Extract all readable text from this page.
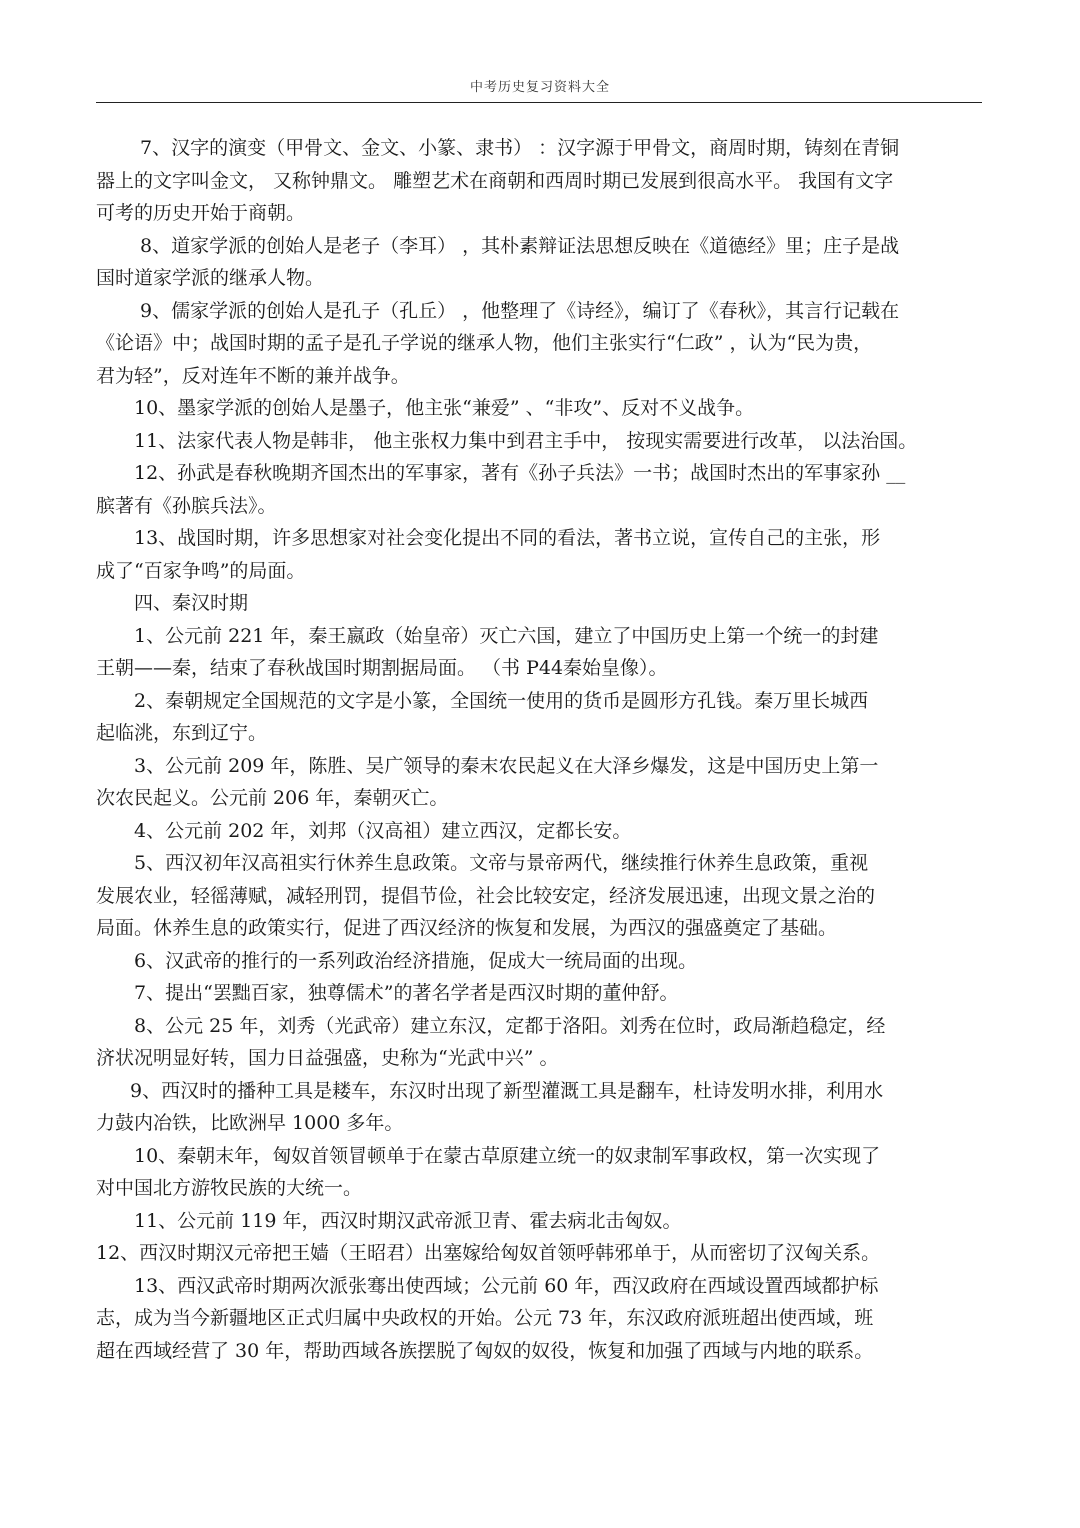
中考历史复习资料大全
7、汉字的演变（甲骨文、金文、小篆、隶书） ：汉字源于甲骨文，商周时期，铸刻在青铜
器上的文字叫金文， 又称钟鼎文。 雕塑艺术在商朝和西周时期已发展到很高水平。 我国有文字
可考的历史开始于商朝。
8、道家学派的创始人是老子（李耳） ，其朴素辩证法思想反映在《道德经》里；庄子是战
国时道家学派的继承人物。
9、儒家学派的创始人是孔子（孔丘） ，他整理了《诗经》，编订了《春秋》，其言行记载在
《论语》中；战国时期的孟子是孔子学说的继承人物，他们主张实行“仁政” ，认为“民为贵，
君为轻”，反对连年不断的兼并战争。
10、墨家学派的创始人是墨子，他主张“兼爱” 、“非攻”、反对不义战争。
11、法家代表人物是韩非， 他主张权力集中到君主手中， 按现实需要进行改革， 以法治国。
12、孙武是春秋晚期齐国杰出的军事家，著有《孙子兵法》一书；战国时杰出的军事家孙 __
膑著有《孙膑兵法》。
13、战国时期，许多思想家对社会变化提出不同的看法，著书立说，宣传自己的主张，形
成了“百家争鸣”的局面。
四、秦汉时期
1、公元前 221 年，秦王嬴政（始皇帝）灭亡六国，建立了中国历史上第一个统一的封建
王朝——秦，结束了春秋战国时期割据局面。 （书 P44秦始皇像）。
2、秦朝规定全国规范的文字是小篆，全国统一使用的货币是圆形方孔钱。秦万里长城西
起临洮，东到辽宁。
3、公元前 209 年，陈胜、吴广领导的秦末农民起义在大泽乡爆发，这是中国历史上第一
次农民起义。公元前 206 年，秦朝灭亡。
4、公元前 202 年，刘邦（汉高祖）建立西汉，定都长安。
5、西汉初年汉高祖实行休养生息政策。文帝与景帝两代，继续推行休养生息政策，重视
发展农业，轻徭薄赋，减轻刑罚，提倡节俭，社会比较安定，经济发展迅速，出现文景之治的
局面。休养生息的政策实行，促进了西汉经济的恢复和发展，为西汉的强盛奠定了基础。
6、汉武帝的推行的一系列政治经济措施，促成大一统局面的出现。
7、提出“罢黜百家，独尊儒术”的著名学者是西汉时期的董仲舒。
8、公元 25 年，刘秀（光武帝）建立东汉，定都于洛阳。刘秀在位时，政局渐趋稳定，经
济状况明显好转，国力日益强盛，史称为“光武中兴” 。
9、西汉时的播种工具是耧车，东汉时出现了新型灌溉工具是翻车，杜诗发明水排，利用水
力鼓内冶铁，比欧洲早 1000 多年。
10、秦朝末年，匈奴首领冒顿单于在蒙古草原建立统一的奴隶制军事政权，第一次实现了
对中国北方游牧民族的大统一。
11、公元前 119 年，西汉时期汉武帝派卫青、霍去病北击匈奴。
12、西汉时期汉元帝把王嫱（王昭君）出塞嫁给匈奴首领呼韩邪单于，从而密切了汉匈关系。
13、西汉武帝时期两次派张骞出使西域；公元前 60 年，西汉政府在西域设置西域都护标
志，成为当今新疆地区正式归属中央政权的开始。公元 73 年，东汉政府派班超出使西域，班
超在西域经营了 30 年，帮助西域各族摆脱了匈奴的奴役，恢复和加强了西域与内地的联系。
